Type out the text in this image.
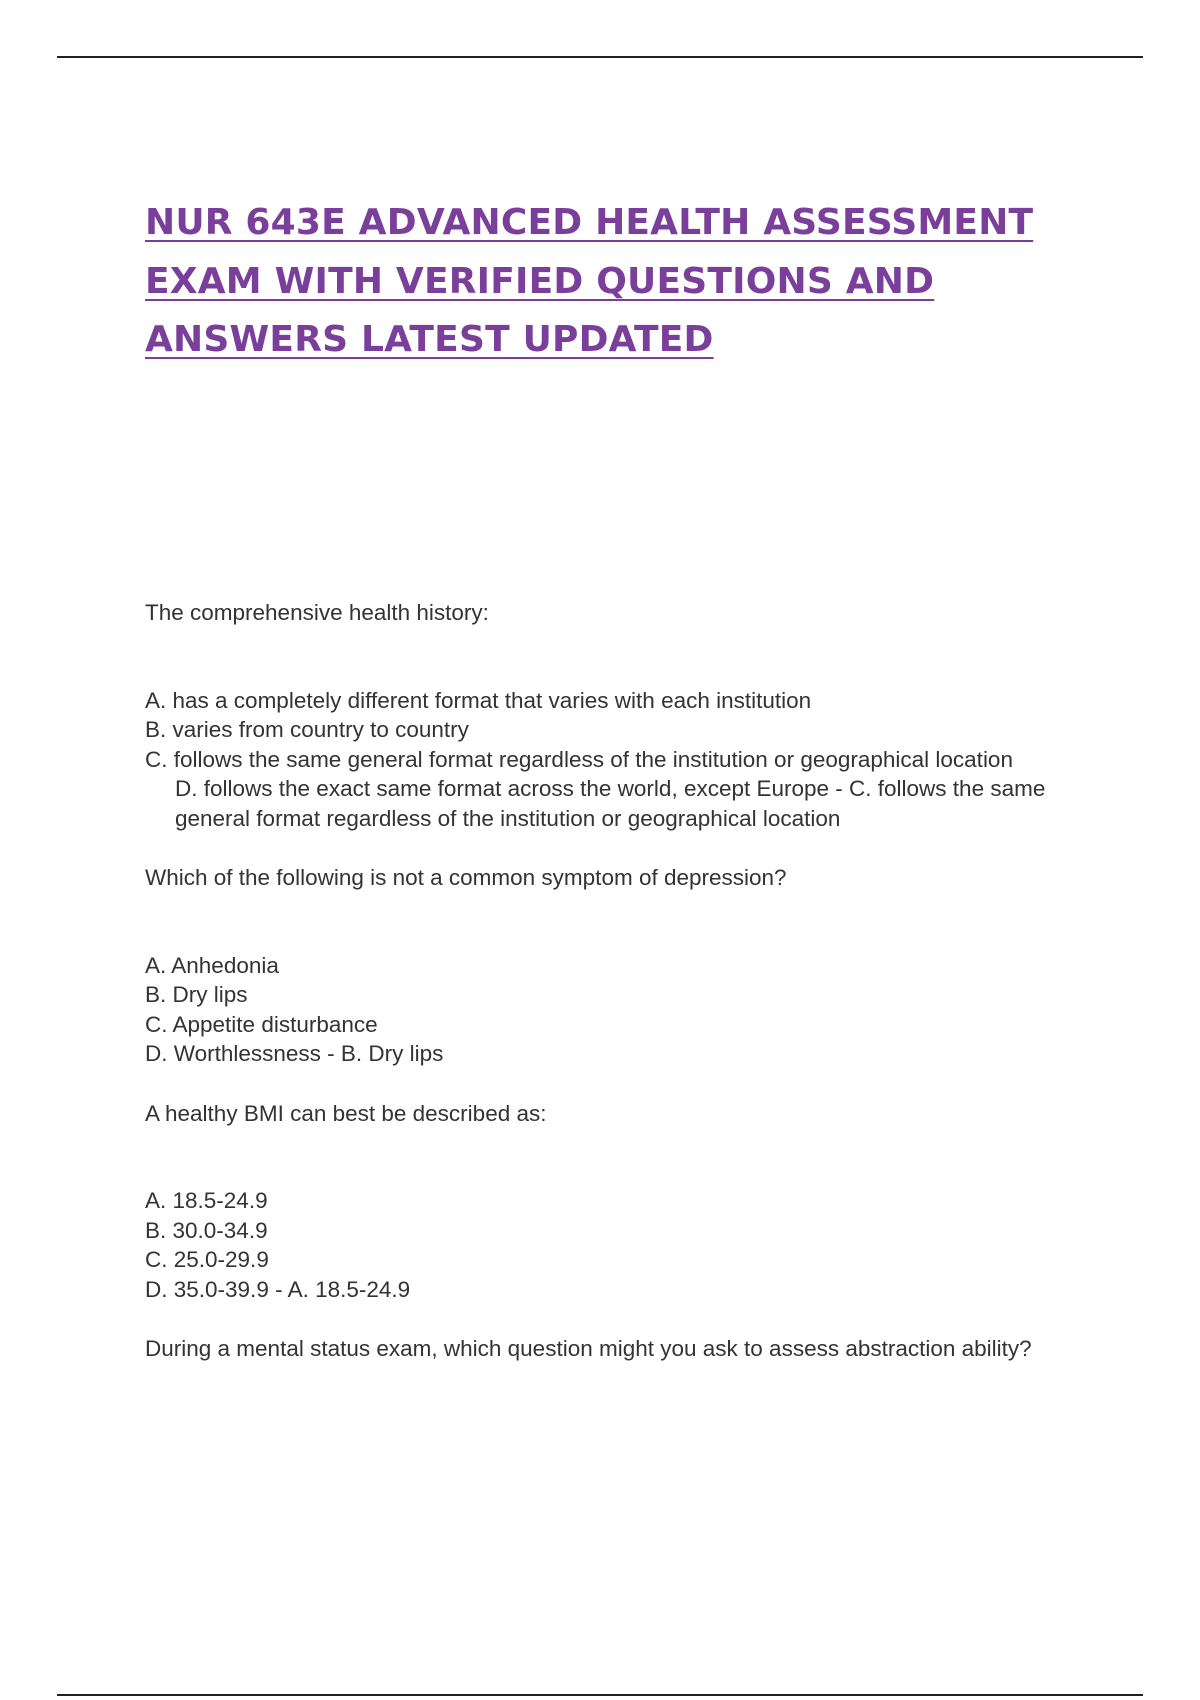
NUR 643E ADVANCED HEALTH ASSESSMENT
EXAM WITH VERIFIED QUESTIONS AND
ANSWERS LATEST UPDATED

The comprehensive health history:

A. has a completely different format that varies with each institution
B. varies from country to country
C. follows the same general format regardless of the institution or geographical location
D. follows the exact same format across the world, except Europe - C. follows the same general format regardless of the institution or geographical location

Which of the following is not a common symptom of depression?

A. Anhedonia
B. Dry lips
C. Appetite disturbance
D. Worthlessness - B. Dry lips

A healthy BMI can best be described as:

A. 18.5-24.9
B. 30.0-34.9
C. 25.0-29.9
D. 35.0-39.9 - A. 18.5-24.9

During a mental status exam, which question might you ask to assess abstraction ability?
